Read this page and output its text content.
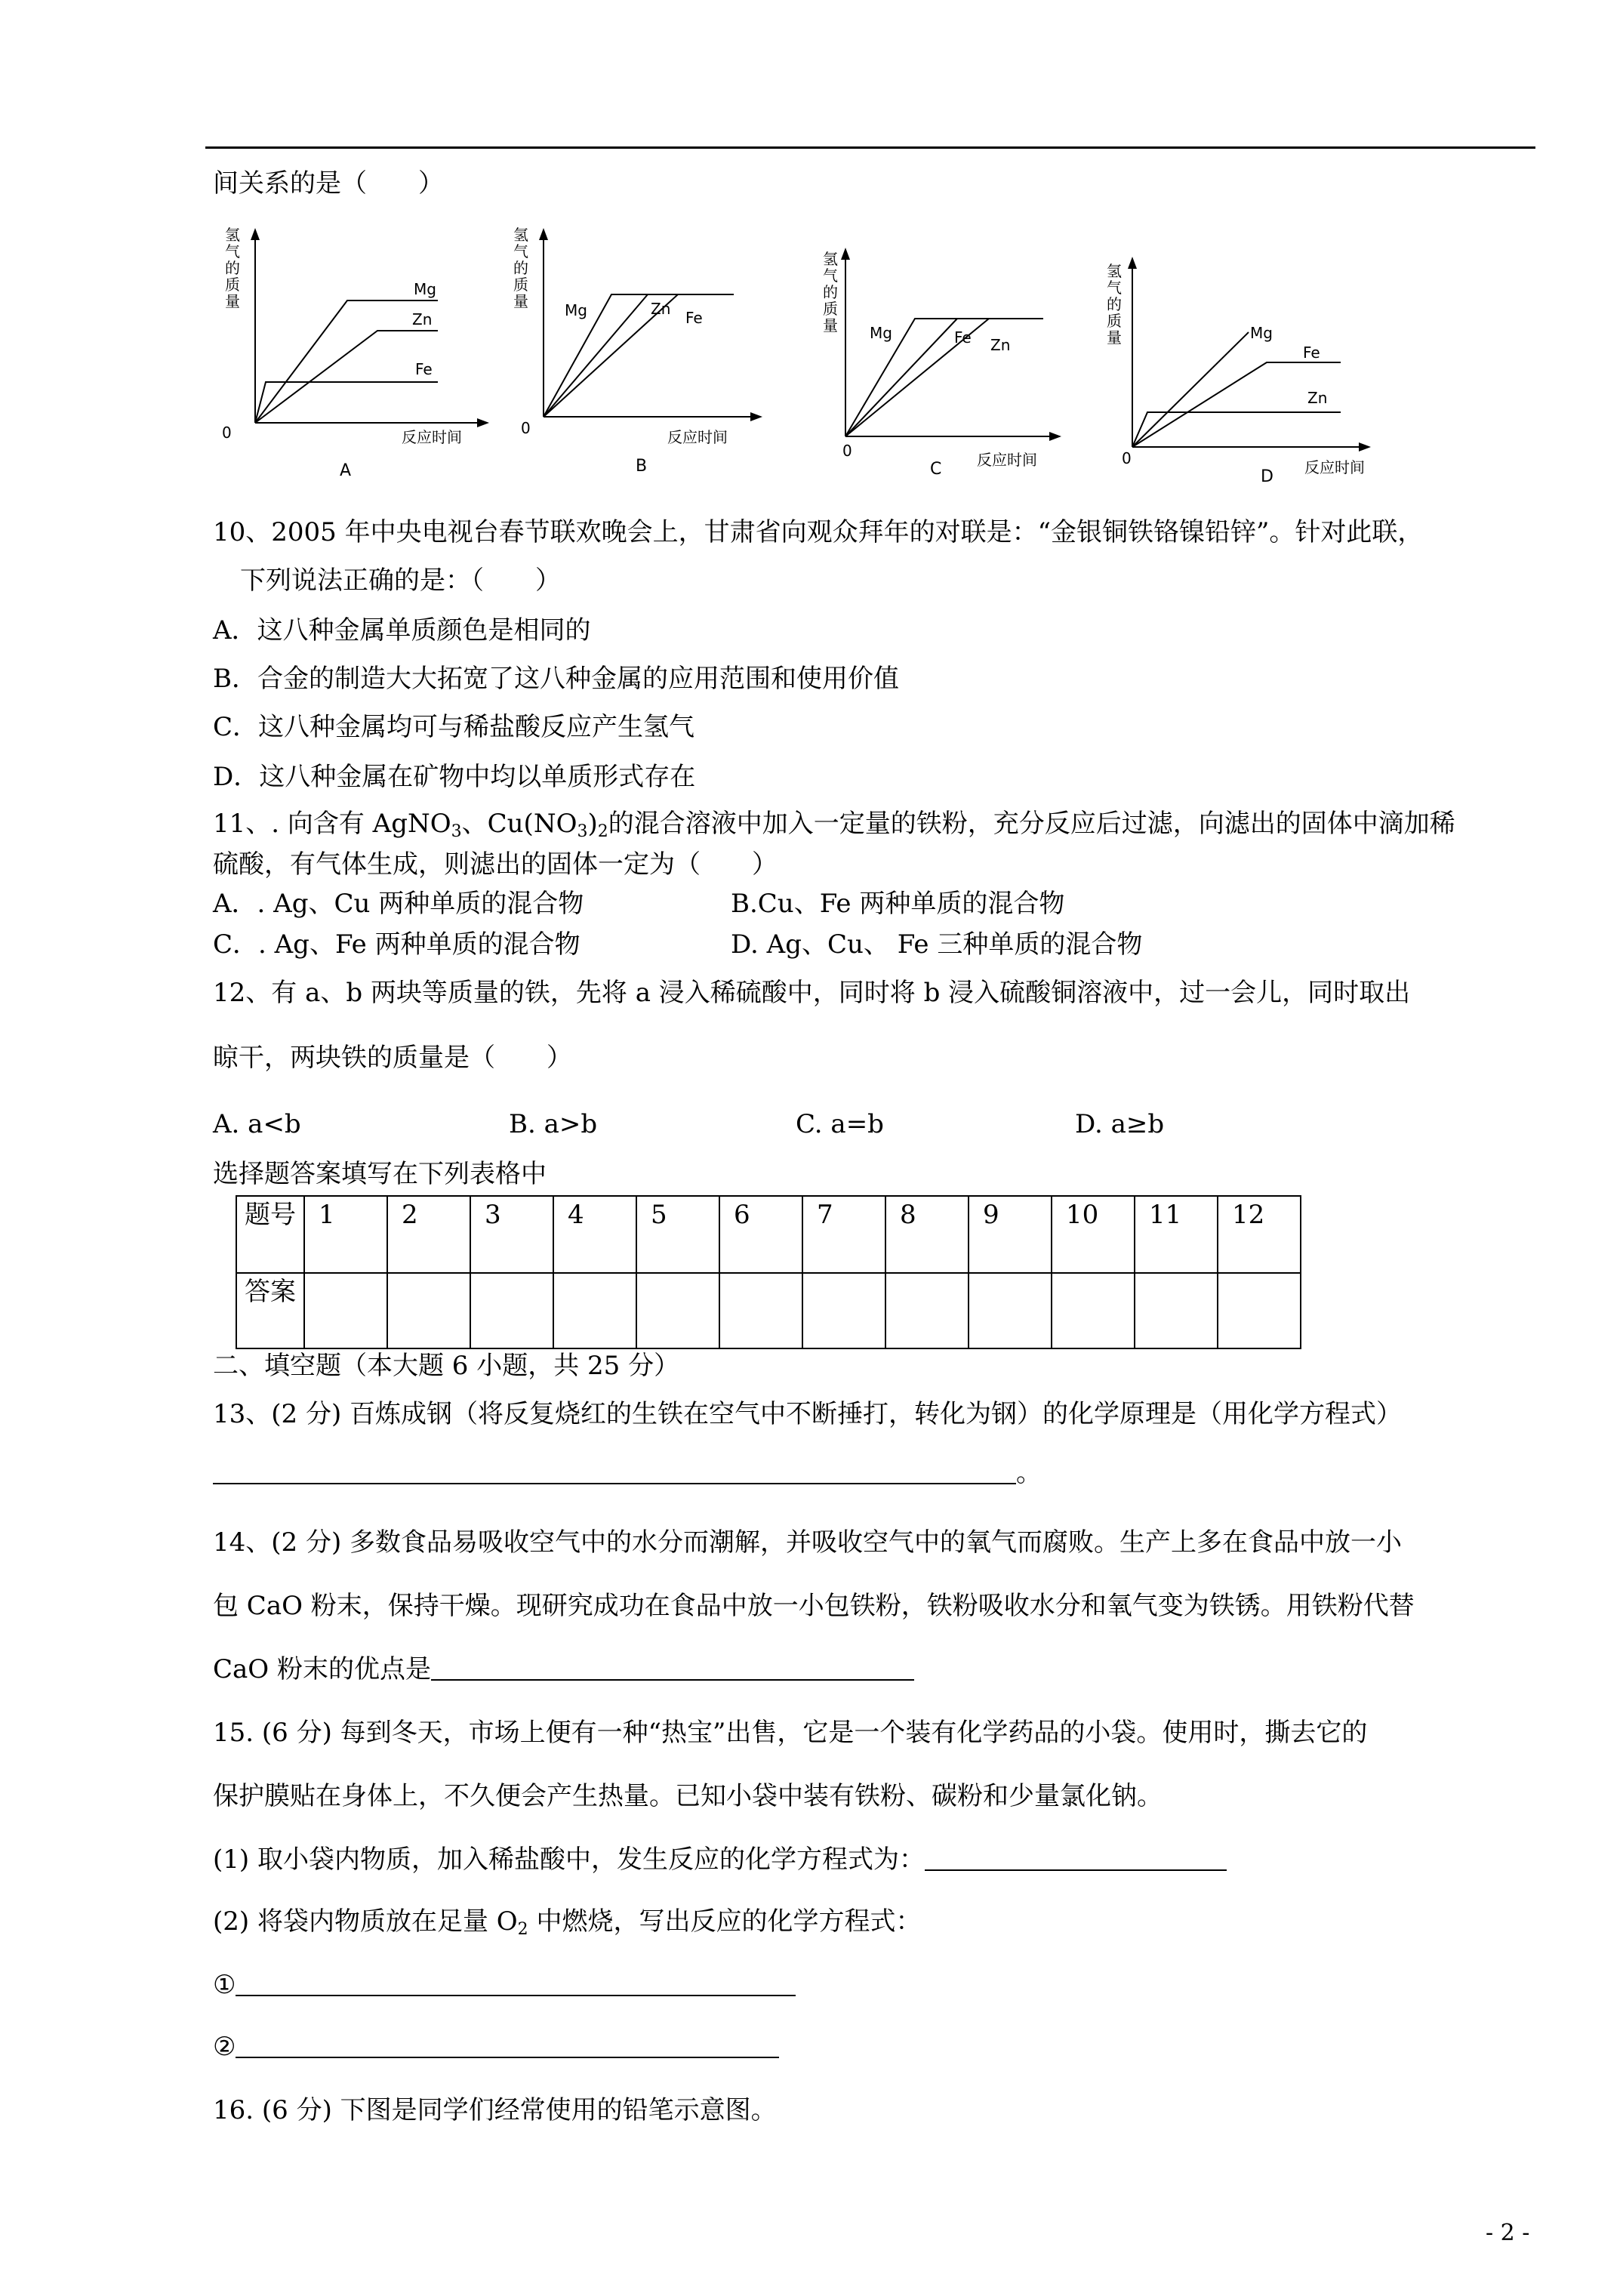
间关系的是（　　）
氢
气
的
质
量
0	反应时间
Mg
Zn
Fe
A
氢
气
的
质
量
0	反应时间
Mg	Zn Fe
B
氢
气
的
质
量
0	反应时间
Mg	Fe Zn
C
氢
气
的
质
量
0	反应时间
Mg
Fe
Zn
D
10、2005 年中央电视台春节联欢晚会上，甘肃省向观众拜年的对联是：“金银铜铁铬镍铅锌”。针对此联，
下列说法正确的是：（　　）
A．这八种金属单质颜色是相同的
B．合金的制造大大拓宽了这八种金属的应用范围和使用价值
C．这八种金属均可与稀盐酸反应产生氢气
D．这八种金属在矿物中均以单质形式存在
11、. 向含有 AgNO$_3$、$Cu(NO_3)_2$的混合溶液中加入一定量的铁粉，充分反应后过滤，向滤出的固体中滴加稀
硫酸，有气体生成，则滤出的固体一定为（　　）
A．. Ag、Cu 两种单质的混合物	B.Cu、Fe 两种单质的混合物
C．. Ag、Fe 两种单质的混合物	D. Ag、Cu、 Fe 三种单质的混合物
12、有 a、b 两块等质量的铁，先将 a 浸入稀硫酸中，同时将 b 浸入硫酸铜溶液中，过一会儿，同时取出
晾干，两块铁的质量是（　　）
A. a<b	B. a>b	C. a=b	D. a≥b
选择题答案填写在下列表格中
题号	1	2	3	4	5	6	7	8	9	10	11	12
答案												
二、填空题（本大题 6 小题，共 25 分）
13、(2 分) 百炼成钢（将反复烧红的生铁在空气中不断捶打，转化为钢）的化学原理是（用化学方程式）
。
14、(2 分) 多数食品易吸收空气中的水分而潮解，并吸收空气中的氧气而腐败。生产上多在食品中放一小
包 CaO 粉末，保持干燥。现研究成功在食品中放一小包铁粉，铁粉吸收水分和氧气变为铁锈。用铁粉代替
CaO 粉末的优点是
15. (6 分) 每到冬天，市场上便有一种“热宝”出售，它是一个装有化学药品的小袋。使用时，撕去它的
保护膜贴在身体上，不久便会产生热量。已知小袋中装有铁粉、碳粉和少量氯化钠。
(1) 取小袋内物质，加入稀盐酸中，发生反应的化学方程式为：
(2) 将袋内物质放在足量 $O_2$ 中燃烧，写出反应的化学方程式：
①
②
16. (6 分) 下图是同学们经常使用的铅笔示意图。
- 2 -
